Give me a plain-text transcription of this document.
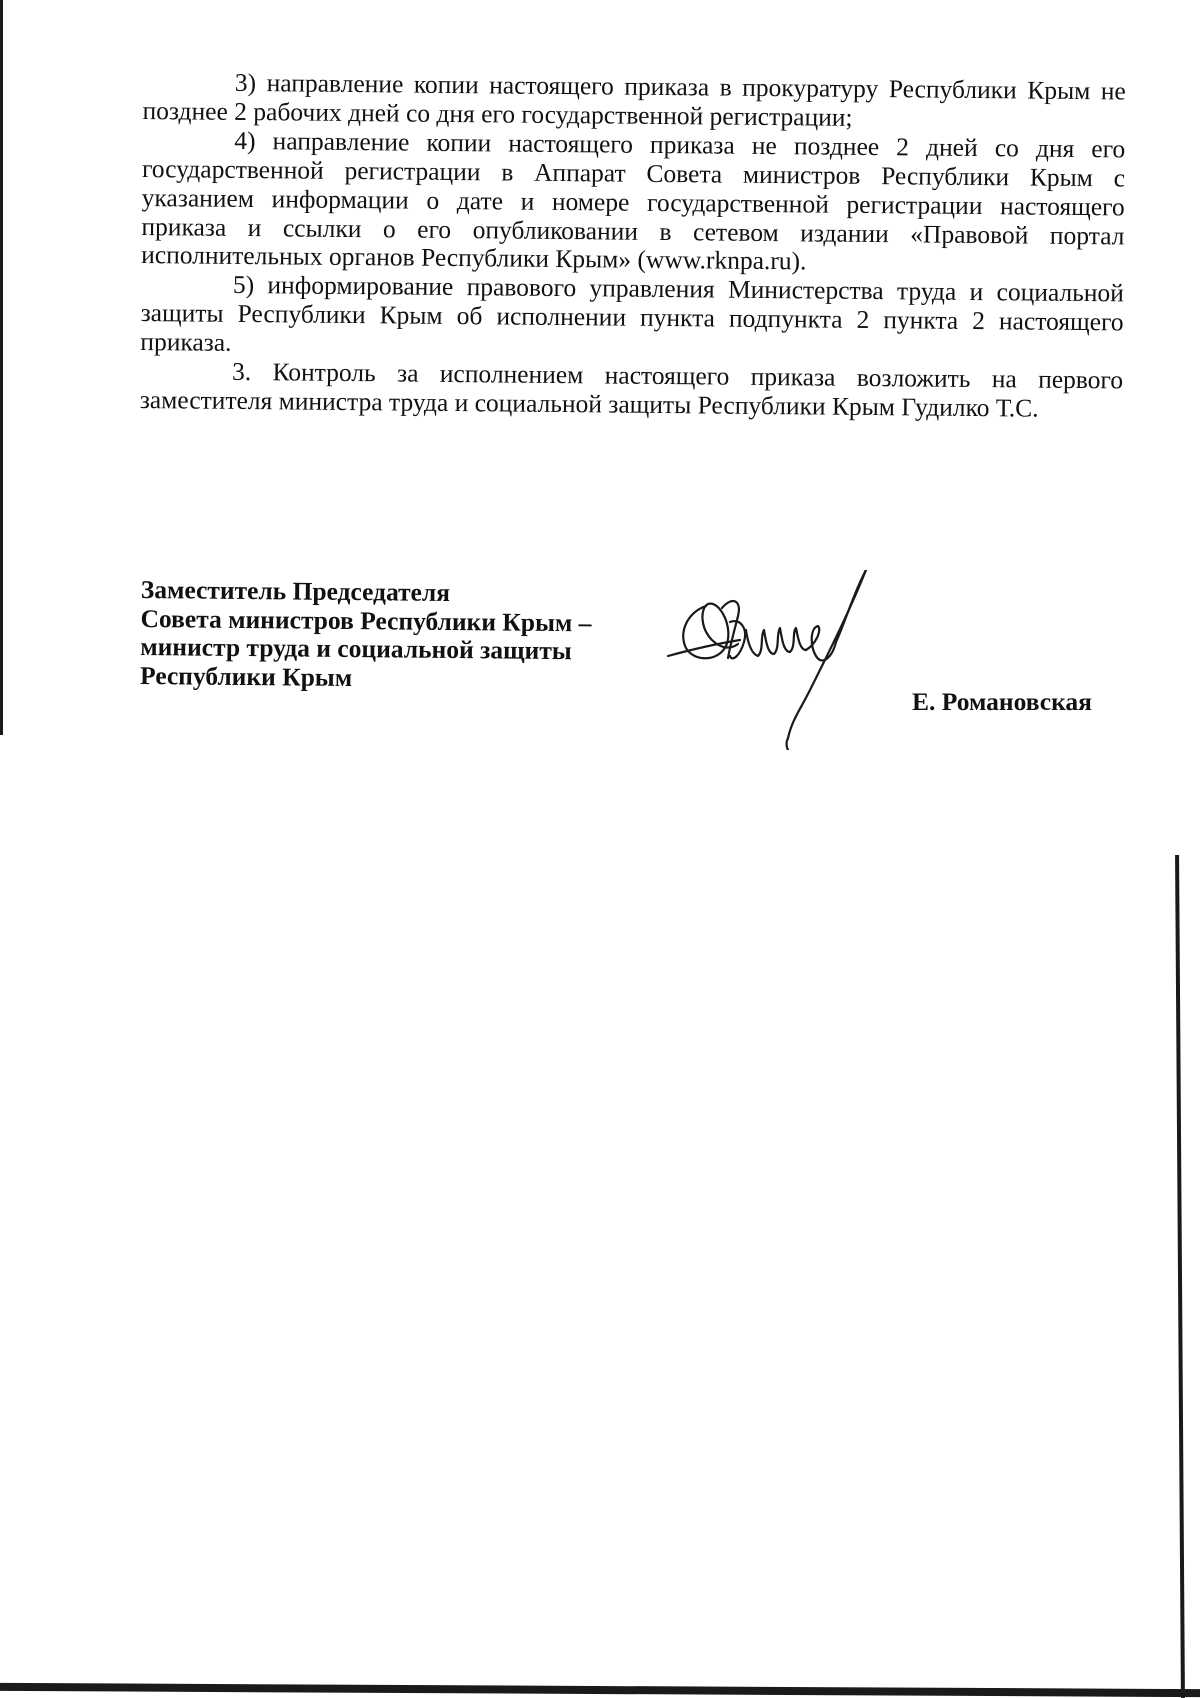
3) направление копии настоящего приказа в прокуратуру Республики Крым не позднее 2 рабочих дней со дня его государственной регистрации;

4) направление копии настоящего приказа не позднее 2 дней со дня его государственной регистрации в Аппарат Совета министров Республики Крым с указанием информации о дате и номере государственной регистрации настоящего приказа и ссылки о его опубликовании в сетевом издании «Правовой портал исполнительных органов Республики Крым» (www.rknpa.ru).

5) информирование правового управления Министерства труда и социальной защиты Республики Крым об исполнении пункта подпункта 2 пункта 2 настоящего приказа.

3. Контроль за исполнением настоящего приказа возложить на первого заместителя министра труда и социальной защиты Республики Крым Гудилко Т.С.

Заместитель Председателя
Совета министров Республики Крым –
министр труда и социальной защиты
Республики Крым
Е. Романовская
